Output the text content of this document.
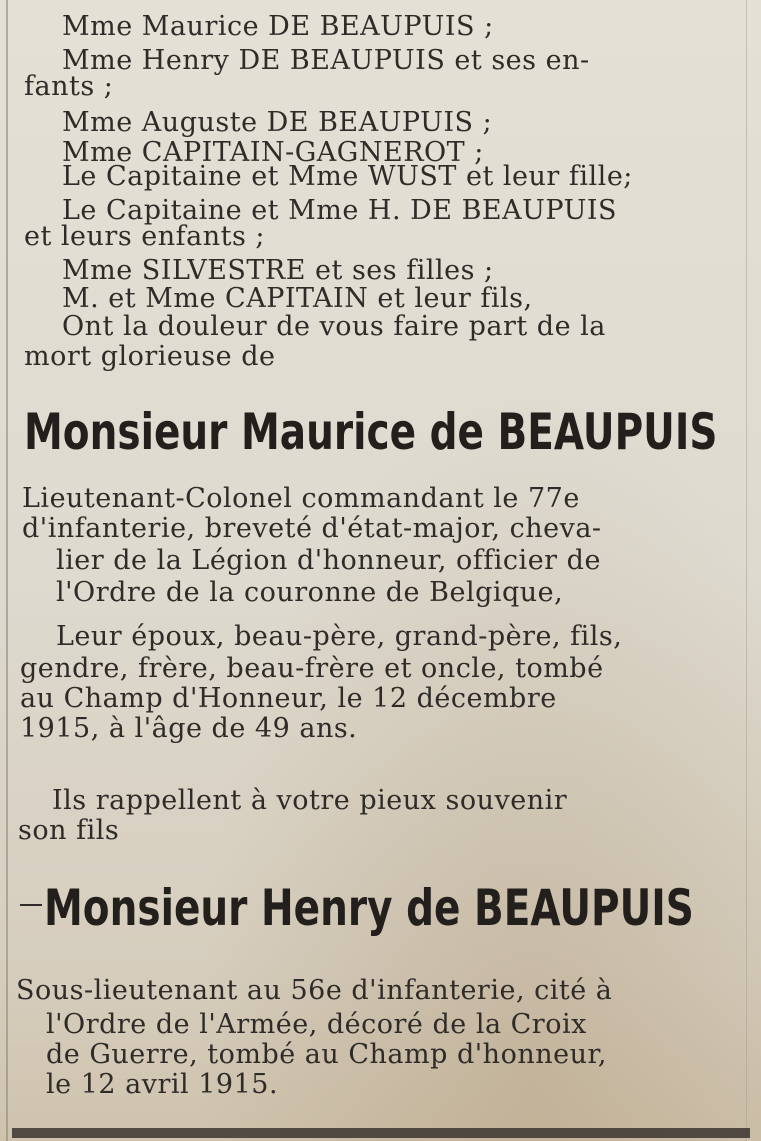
Mme Maurice DE BEAUPUIS ;
Mme Henry DE BEAUPUIS et ses en-
fants ;
Mme Auguste DE BEAUPUIS ;
Mme CAPITAIN-GAGNEROT ;
Le Capitaine et Mme WUST et leur fille;
Le Capitaine et Mme H. DE BEAUPUIS
et leurs enfants ;
Mme SILVESTRE et ses filles ;
M. et Mme CAPITAIN et leur fils,
Ont la douleur de vous faire part de la
mort glorieuse de
Monsieur Maurice de BEAUPUIS
Lieutenant-Colonel commandant le 77e
d'infanterie, breveté d'état-major, cheva-
lier de la Légion d'honneur, officier de
l'Ordre de la couronne de Belgique,
Leur époux, beau-père, grand-père, fils,
gendre, frère, beau-frère et oncle, tombé
au Champ d'Honneur, le 12 décembre
1915, à l'âge de 49 ans.
Ils rappellent à votre pieux souvenir
son fils
Monsieur Henry de BEAUPUIS
Sous-lieutenant au 56e d'infanterie, cité à
l'Ordre de l'Armée, décoré de la Croix
de Guerre, tombé au Champ d'honneur,
le 12 avril 1915.
